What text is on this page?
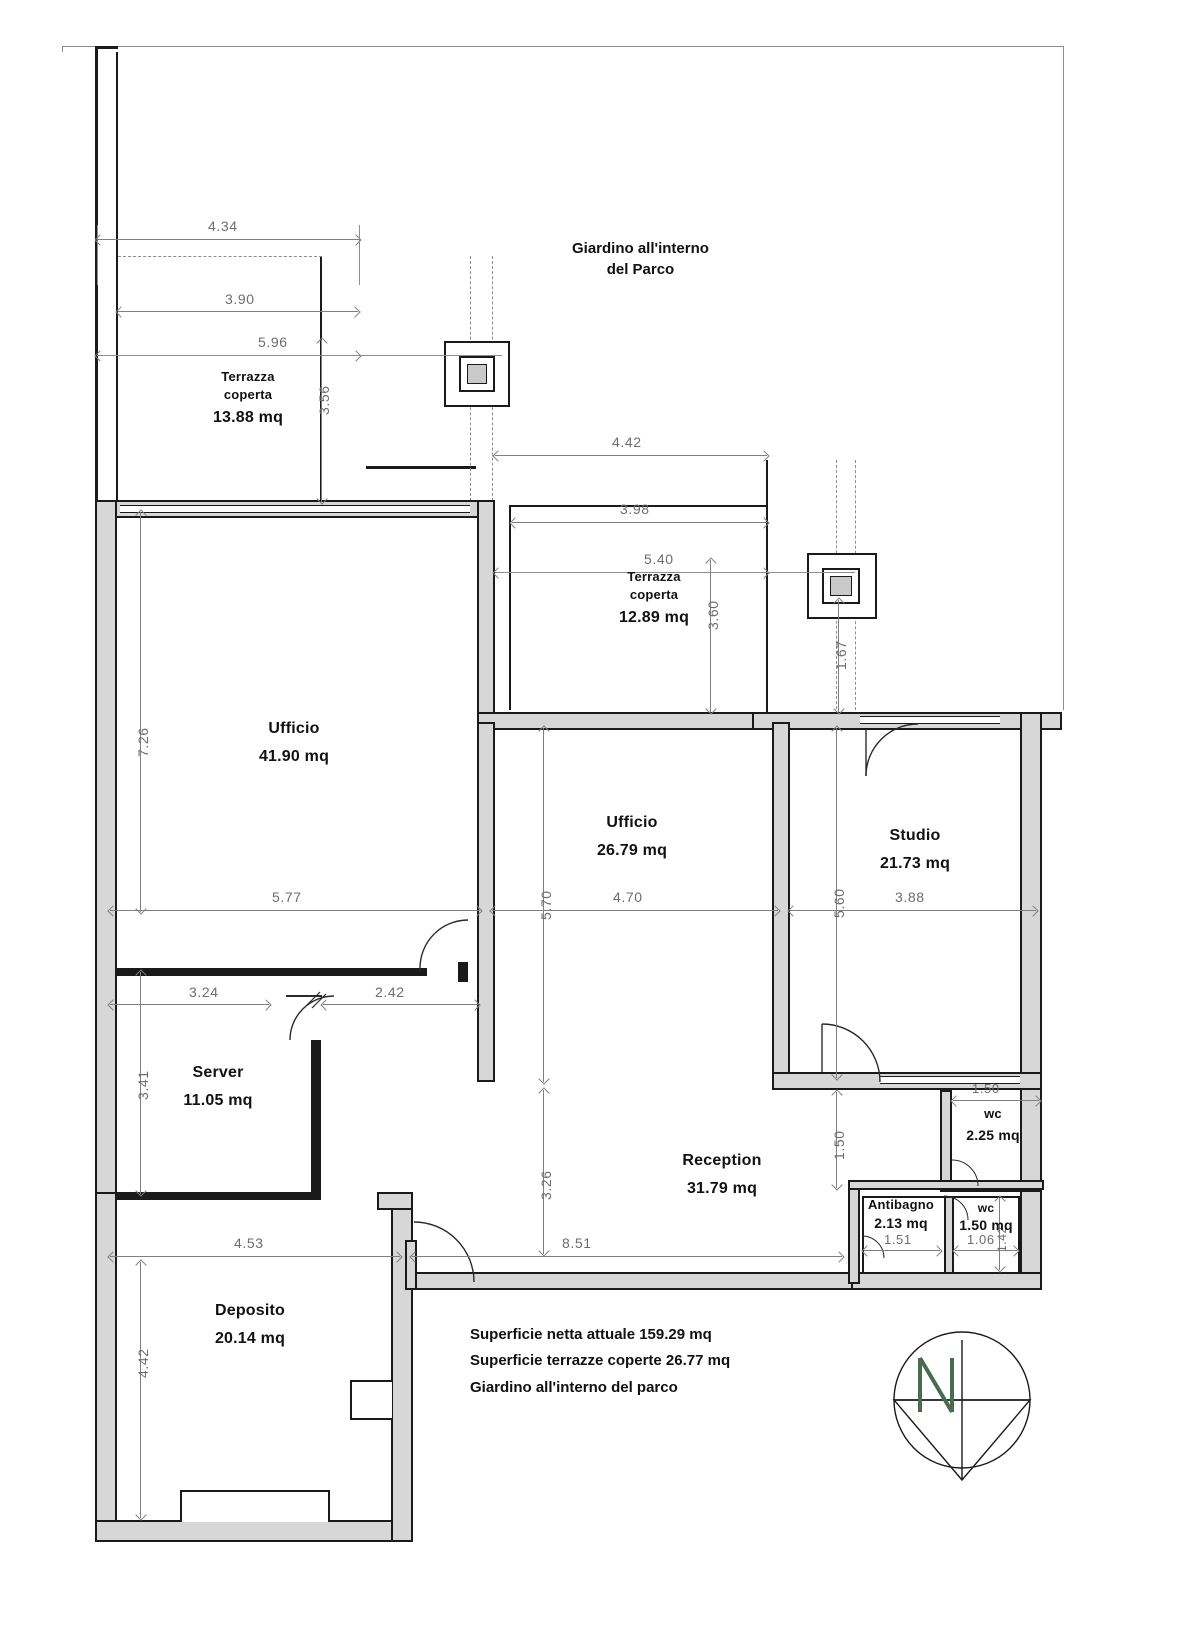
4.34
3.90
5.96
4.42
3.98
5.40
5.77	4.70	3.88
3.24	2.42
4.53	8.51
1.50
1.51	1.06
3.56
3.60
1.67
7.26
5.70	5.60
3.41
3.26
4.42
1.50
1.42
Giardino all'interno
del Parco
Terrazza
coperta
13.88 mq
Terrazza
coperta
12.89 mq
Ufficio
41.90 mq
Ufficio
26.79 mq
Studio
21.73 mq
Server
11.05 mq
Reception
31.79 mq
Deposito
20.14 mq
wc
2.25 mq
Antibagno
2.13 mq
wc
1.50 mq
Superficie netta attuale 159.29 mq
Superficie terrazze coperte 26.77 mq
Giardino all'interno del parco
